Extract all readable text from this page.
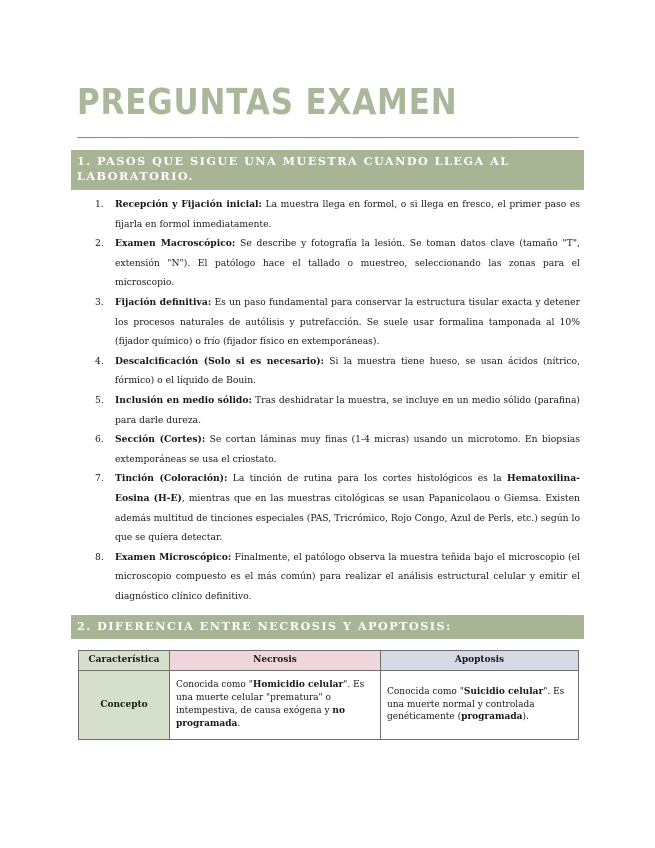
PREGUNTAS EXAMEN
1. PASOS QUE SIGUE UNA MUESTRA CUANDO LLEGA AL LABORATORIO.
1. Recepción y Fijación inicial: La muestra llega en formol, o si llega en fresco, el primer paso es fijarla en formol inmediatamente.
2. Examen Macroscópico: Se describe y fotografía la lesión. Se toman datos clave (tamaño "T", extensión "N"). El patólogo hace el tallado o muestreo, seleccionando las zonas para el microscopio.
3. Fijación definitiva: Es un paso fundamental para conservar la estructura tisular exacta y detener los procesos naturales de autólisis y putrefacción. Se suele usar formalina tamponada al 10% (fijador químico) o frío (fijador físico en extemporáneas).
4. Descalcificación (Solo si es necesario): Si la muestra tiene hueso, se usan ácidos (nítrico, fórmico) o el líquido de Bouin.
5. Inclusión en medio sólido: Tras deshidratar la muestra, se incluye en un medio sólido (parafina) para darle dureza.
6. Sección (Cortes): Se cortan láminas muy finas (1-4 micras) usando un microtomo. En biopsias extemporáneas se usa el criostato.
7. Tinción (Coloración): La tinción de rutina para los cortes histológicos es la Hematoxilina-Eosina (H-E), mientras que en las muestras citológicas se usan Papanicolaou o Giemsa. Existen además multitud de tinciones especiales (PAS, Tricrómico, Rojo Congo, Azul de Perls, etc.) según lo que se quiera detectar.
8. Examen Microscópico: Finalmente, el patólogo observa la muestra teñida bajo el microscopio (el microscopio compuesto es el más común) para realizar el análisis estructural celular y emitir el diagnóstico clínico definitivo.
2. DIFERENCIA ENTRE NECROSIS Y APOPTOSIS:
Característica	Necrosis	Apoptosis
Concepto	Conocida como "Homicidio celular". Es una muerte celular "prematura" o intempestiva, de causa exógena y no programada.	Conocida como "Suicidio celular". Es una muerte normal y controlada genéticamente (programada).
